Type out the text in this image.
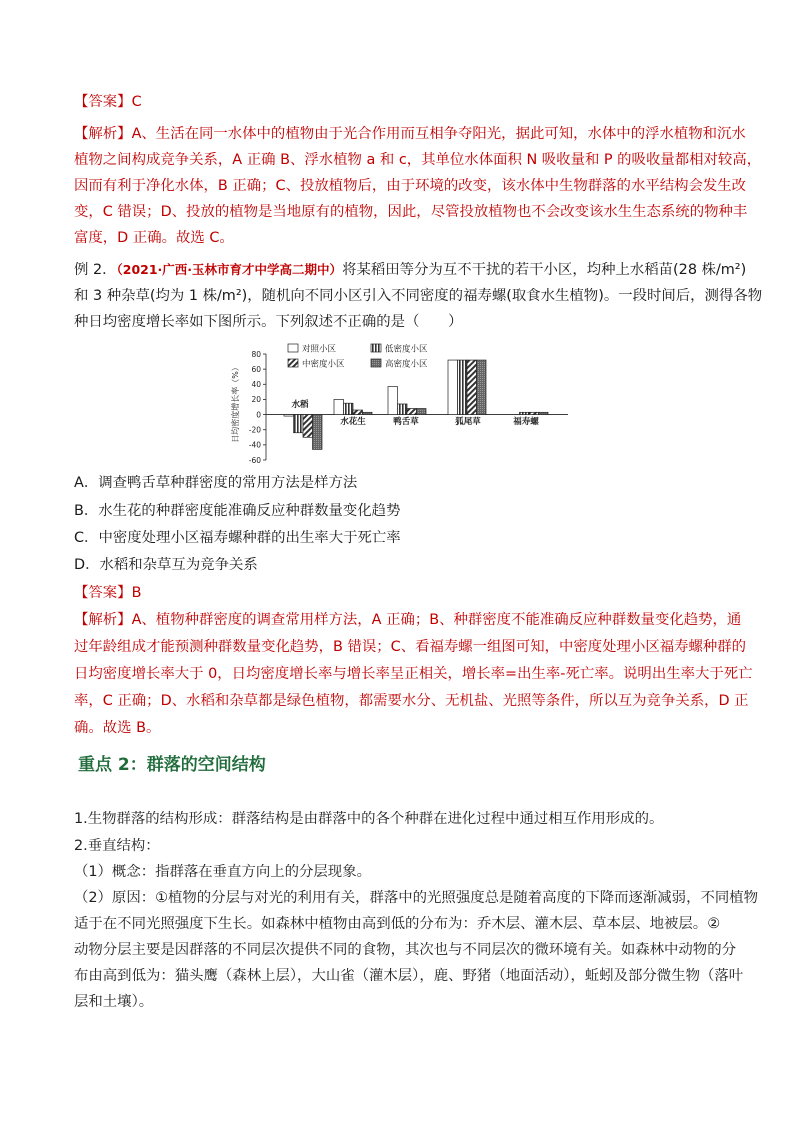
【答案】C
【解析】A、生活在同一水体中的植物由于光合作用而互相争夺阳光，据此可知，水体中的浮水植物和沉水
植物之间构成竞争关系，A 正确 B、浮水植物 a 和 c，其单位水体面积 N 吸收量和 P 的吸收量都相对较高，
因而有利于净化水体，B 正确；C、投放植物后，由于环境的改变，该水体中生物群落的水平结构会发生改
变，C 错误；D、投放的植物是当地原有的植物，因此，尽管投放植物也不会改变该水生生态系统的物种丰
富度，D 正确。故选 C。
例 2．（2021·广西·玉林市育才中学高二期中）将某稻田等分为互不干扰的若干小区，均种上水稻苗(28 株/m²)
和 3 种杂草(均为 1 株/m²)，随机向不同小区引入不同密度的福寿螺(取食水生植物)。一段时间后，测得各物
种日均密度增长率如下图所示。下列叙述不正确的是（　　）
日均密度增长率（%）
80
60
40
20
0
-20
-40
-60
水稻
水花生	鸭舌草	狐尾草	福寿螺
对照小区	低密度小区
中密度小区	高密度小区
A．调查鸭舌草种群密度的常用方法是样方法
B．水生花的种群密度能准确反应种群数量变化趋势
C．中密度处理小区福寿螺种群的出生率大于死亡率
D．水稻和杂草互为竞争关系
【答案】B
【解析】A、植物种群密度的调查常用样方法，A 正确；B、种群密度不能准确反应种群数量变化趋势，通
过年龄组成才能预测种群数量变化趋势，B 错误；C、看福寿螺一组图可知，中密度处理小区福寿螺种群的
日均密度增长率大于 0，日均密度增长率与增长率呈正相关，增长率=出生率-死亡率。说明出生率大于死亡
率，C 正确；D、水稻和杂草都是绿色植物，都需要水分、无机盐、光照等条件，所以互为竞争关系，D 正
确。故选 B。
重点 2：群落的空间结构
1.生物群落的结构形成：群落结构是由群落中的各个种群在进化过程中通过相互作用形成的。
2.垂直结构：
（1）概念：指群落在垂直方向上的分层现象。
（2）原因：①植物的分层与对光的利用有关，群落中的光照强度总是随着高度的下降而逐渐减弱，不同植物
适于在不同光照强度下生长。如森林中植物由高到低的分布为：乔木层、灌木层、草本层、地被层。②
动物分层主要是因群落的不同层次提供不同的食物，其次也与不同层次的微环境有关。如森林中动物的分
布由高到低为：猫头鹰（森林上层），大山雀（灌木层），鹿、野猪（地面活动），蚯蚓及部分微生物（落叶
层和土壤）。
